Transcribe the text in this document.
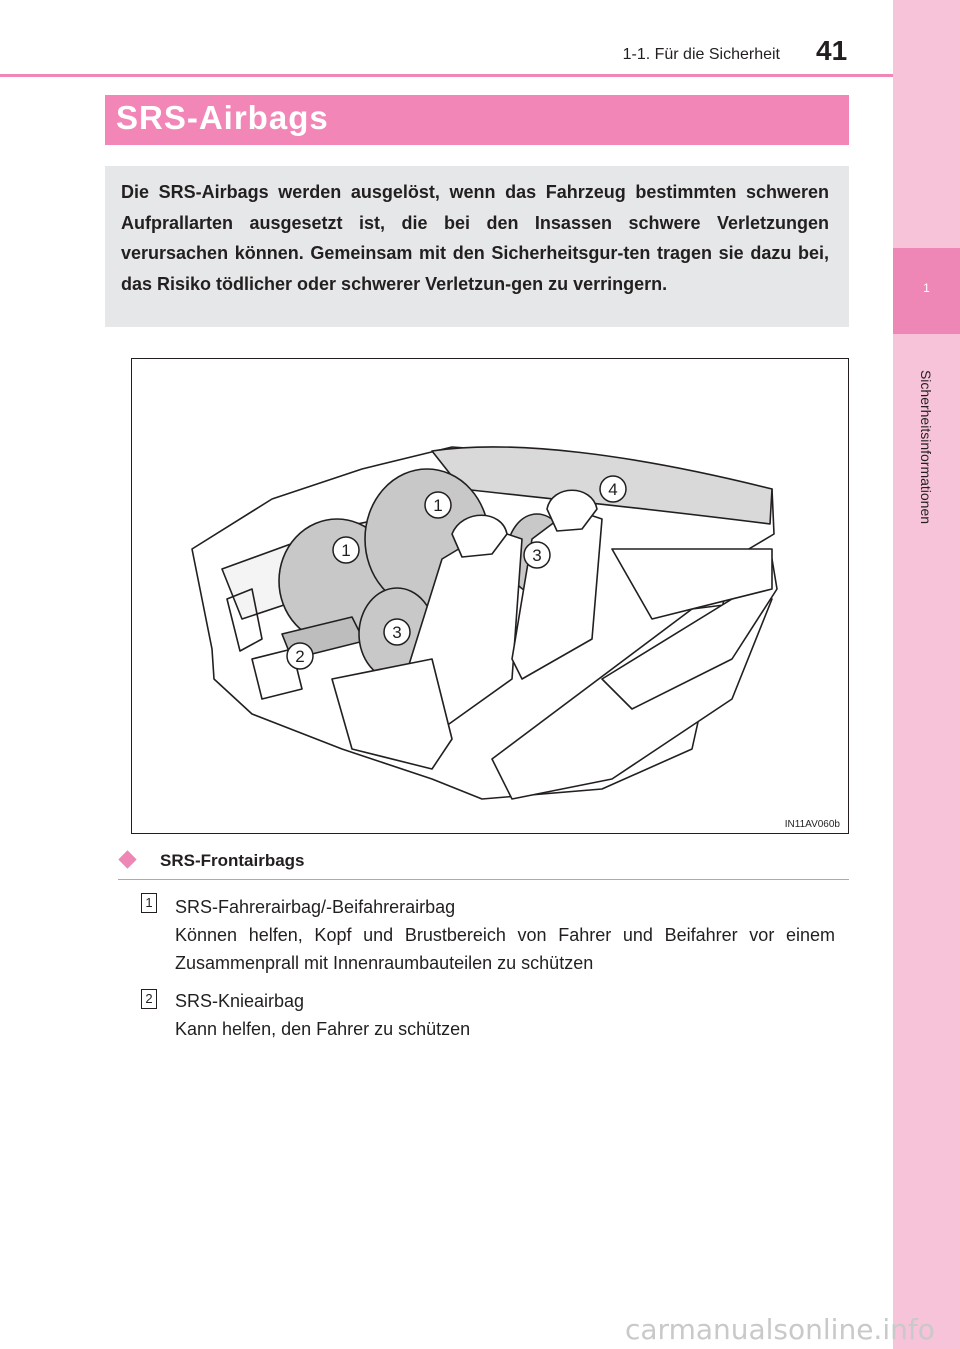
1
Sicherheitsinformationen
1-1. Für die Sicherheit 41
SRS-Airbags
Die SRS-Airbags werden ausgelöst, wenn das Fahrzeug bestimmten schweren Aufprallarten ausgesetzt ist, die bei den Insassen schwere Verletzungen verursachen können. Gemeinsam mit den Sicherheitsgur-ten tragen sie dazu bei, das Risiko tödlicher oder schwerer Verletzun-gen zu verringern.
1
1
2
3
3
4
IN11AV060b
SRS-Frontairbags
1 SRS-Fahrerairbag/-Beifahrerairbag
Können helfen, Kopf und Brustbereich von Fahrer und Beifahrer vor einem Zusammenprall mit Innenraumbauteilen zu schützen
2 SRS-Knieairbag
Kann helfen, den Fahrer zu schützen
carmanualsonline.info
